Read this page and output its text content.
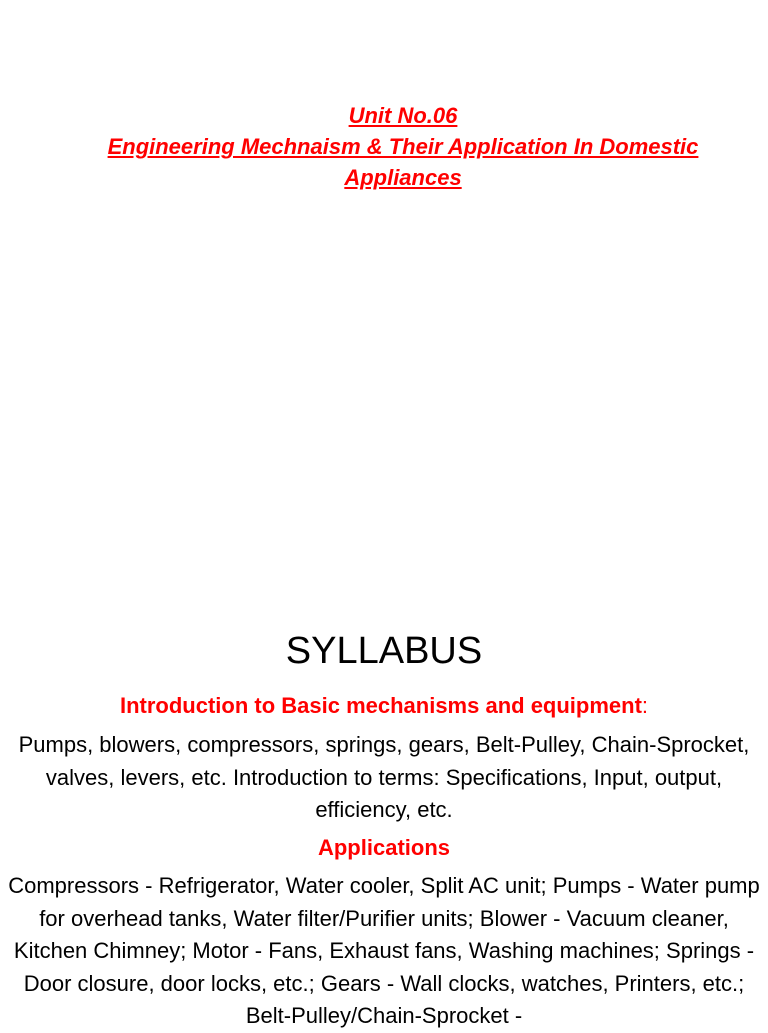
Unit No.06
Engineering Mechnaism & Their Application In Domestic
Appliances
SYLLABUS
Introduction to Basic mechanisms and equipment:
Pumps, blowers, compressors, springs, gears, Belt-Pulley, Chain-Sprocket, valves, levers, etc. Introduction to terms: Specifications, Input, output, efficiency, etc.
Applications
Compressors - Refrigerator, Water cooler, Split AC unit; Pumps - Water pump for overhead tanks, Water filter/Purifier units; Blower - Vacuum cleaner, Kitchen Chimney; Motor - Fans, Exhaust fans, Washing machines; Springs - Door closure, door locks, etc.; Gears - Wall clocks, watches, Printers, etc.; Belt-Pulley/Chain-Sprocket -
